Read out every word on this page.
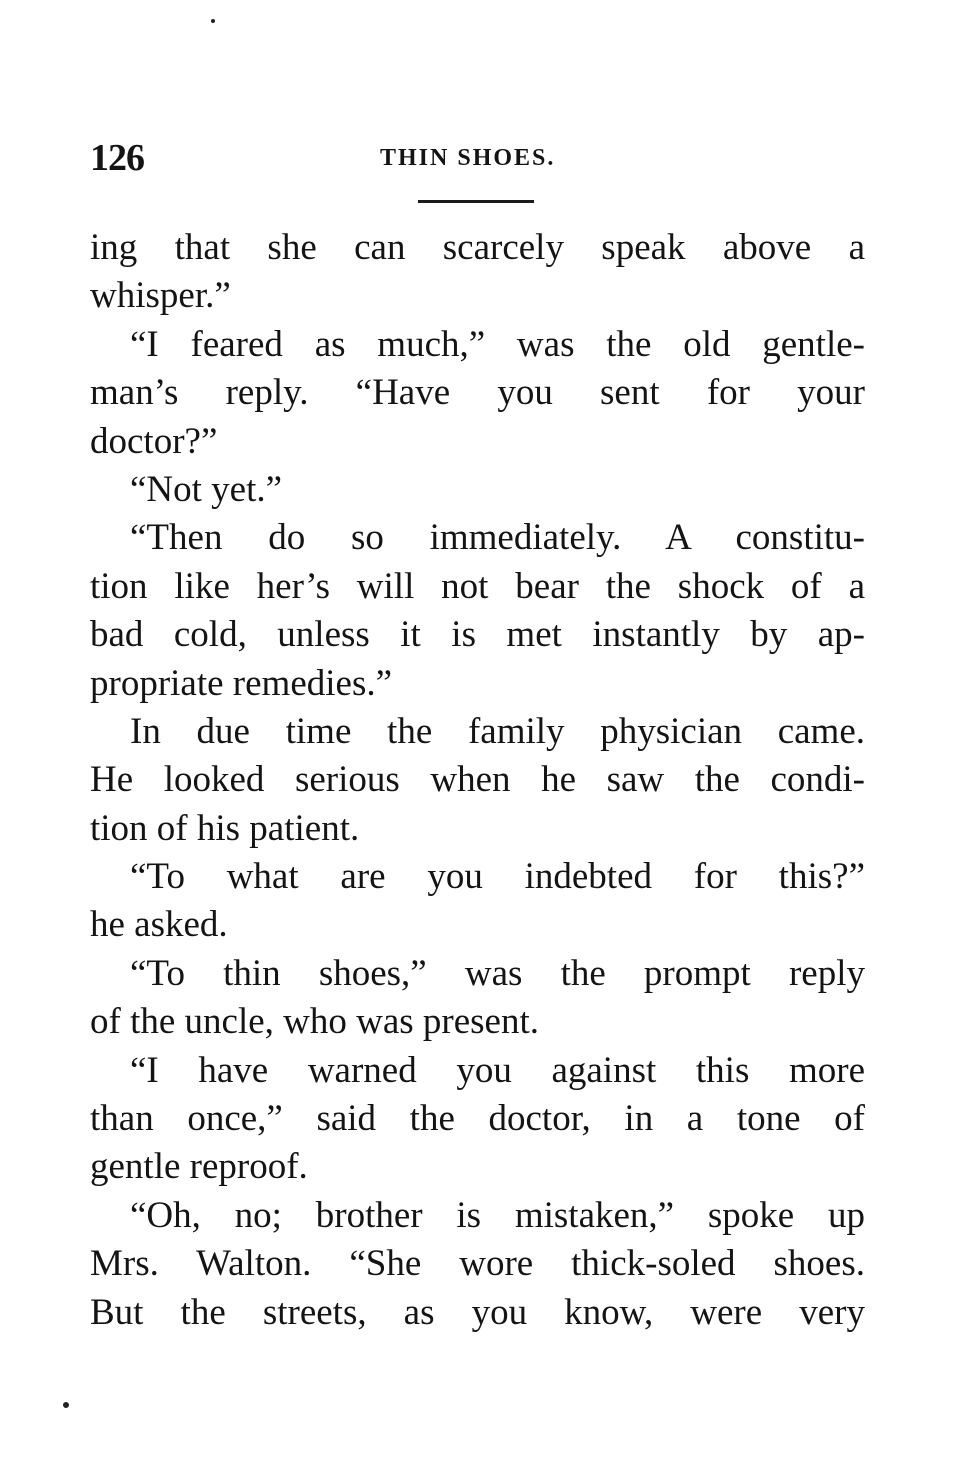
126	THIN SHOES.
ing that she can scarcely speak above a
whisper.”
“I feared as much,” was the old gentle-
man’s reply. “Have you sent for your
doctor?”
“Not yet.”
“Then do so immediately. A constitu-
tion like her’s will not bear the shock of a
bad cold, unless it is met instantly by ap-
propriate remedies.”
In due time the family physician came.
He looked serious when he saw the condi-
tion of his patient.
“To what are you indebted for this?”
he asked.
“To thin shoes,” was the prompt reply
of the uncle, who was present.
“I have warned you against this more
than once,” said the doctor, in a tone of
gentle reproof.
“Oh, no; brother is mistaken,” spoke up
Mrs. Walton. “She wore thick-soled shoes.
But the streets, as you know, were very
